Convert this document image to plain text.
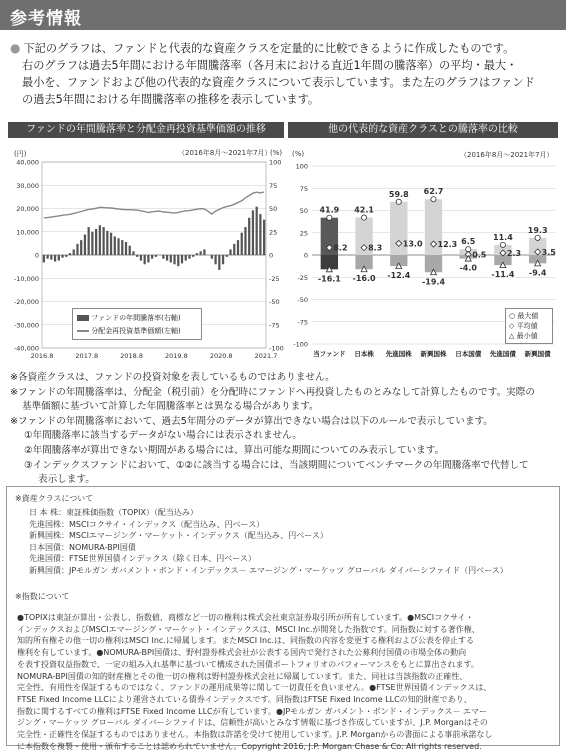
参考情報

● 下記のグラフは、ファンドと代表的な資産クラスを定量的に比較できるように作成したものです。

右のグラフは過去5年間における年間騰落率（各月末における直近1年間の騰落率）の平均・最大・

最小を、ファンドおよび他の代表的な資産クラスについて表示しています。また左のグラフはファンド

の過去5年間における年間騰落率の推移を表示しています。

ファンドの年間騰落率と分配金再投資基準価額の推移
（2016年8月～2021年7月）
(円)	(%)
40,000
30,000
20,000
10,000
0
-10,000
-20,000
-30,000
-40,000
100
75
50
25
0
-25
-50
-75
-100
2016.8	2017.8	2018.8	2019.8	2020.8	2021.7
ファンドの年間騰落率(右軸)
分配金再投資基準価額(左軸)
他の代表的な資産クラスとの騰落率の比較
（2016年8月～2021年7月）
(%)
41.9
8.2
-16.1
42.1
8.3
-16.0
59.8
13.0
-12.4
62.7
12.3
-19.4
6.5
0.5
-4.0
11.4
2.3
-11.4
19.3
3.5
-9.4
100
75
50
25
0
-25
-50
-75
-100
当ファンド 日本株 先進国株 新興国株 日本国債 先進国債 新興国債
○ 最大値
◇ 平均値
△ 最小値

※各資産クラスは、ファンドの投資対象を表しているものではありません。

※ファンドの年間騰落率は、分配金（税引前）を分配時にファンドへ再投資したものとみなして計算したものです。実際の

基準価額に基づいて計算した年間騰落率とは異なる場合があります。

※ファンドの年間騰落率において、過去5年間分のデータが算出できない場合は以下のルールで表示しています。

①年間騰落率に該当するデータがない場合には表示されません。

②年間騰落率が算出できない期間がある場合には、算出可能な期間についてのみ表示しています。

③インデックスファンドにおいて、①②に該当する場合には、当該期間についてベンチマークの年間騰落率で代替して

表示します。

※資産クラスについて

日 本 株：東証株価指数（TOPIX）（配当込み）

先進国株：MSCIコクサイ・インデックス（配当込み、円ベース）

新興国株：MSCIエマージング・マーケット・インデックス（配当込み、円ベース）

日本国債：NOMURA-BPI国債

先進国債：FTSE世界国債インデックス（除く日本、円ベース）

新興国債：JPモルガン ガバメント・ボンド・インデックス－ エマージング・マーケッツ グローバル ダイバーシファイド（円ベース）

※指数について
●TOPIXは東証が算出・公表し、指数値、商標など一切の権利は株式会社東京証券取引所が所有しています。●MSCIコクサイ・
インデックスおよびMSCIエマージング・マーケット・インデックスは、MSCI Inc.が開発した指数です。同指数に対する著作権、
知的所有権その他一切の権利はMSCI Inc.に帰属します。またMSCI Inc.は、同指数の内容を変更する権利および公表を停止する
権利を有しています。●NOMURA-BPI国債は、野村證券株式会社が公表する国内で発行された公募利付国債の市場全体の動向
を表す投資収益指数で、一定の組み入れ基準に基づいて構成された国債ポートフォリオのパフォーマンスをもとに算出されます。
NOMURA-BPI国債の知的財産権とその他一切の権利は野村證券株式会社に帰属しています。また、同社は当該指数の正確性、
完全性、有用性を保証するものではなく、ファンドの運用成果等に関して一切責任を負いません。●FTSE世界国債インデックスは、
FTSE Fixed Income LLCにより運営されている債券インデックスです。同指数はFTSE Fixed Income LLCの知的財産であり、
指数に関するすべての権利はFTSE Fixed Income LLCが有しています。●JPモルガン ガバメント・ボンド・インデックス－ エマー
ジング・マーケッツ グローバル ダイバーシファイドは、信頼性が高いとみなす情報に基づき作成していますが、J.P. Morganはその
完全性・正確性を保証するものではありません。本指数は許諾を受けて使用しています。J.P. Morganからの書面による事前承諾なし
に本指数を複製・使用・頒布することは認められていません。Copyright 2016, J.P. Morgan Chase & Co. All rights reserved.
